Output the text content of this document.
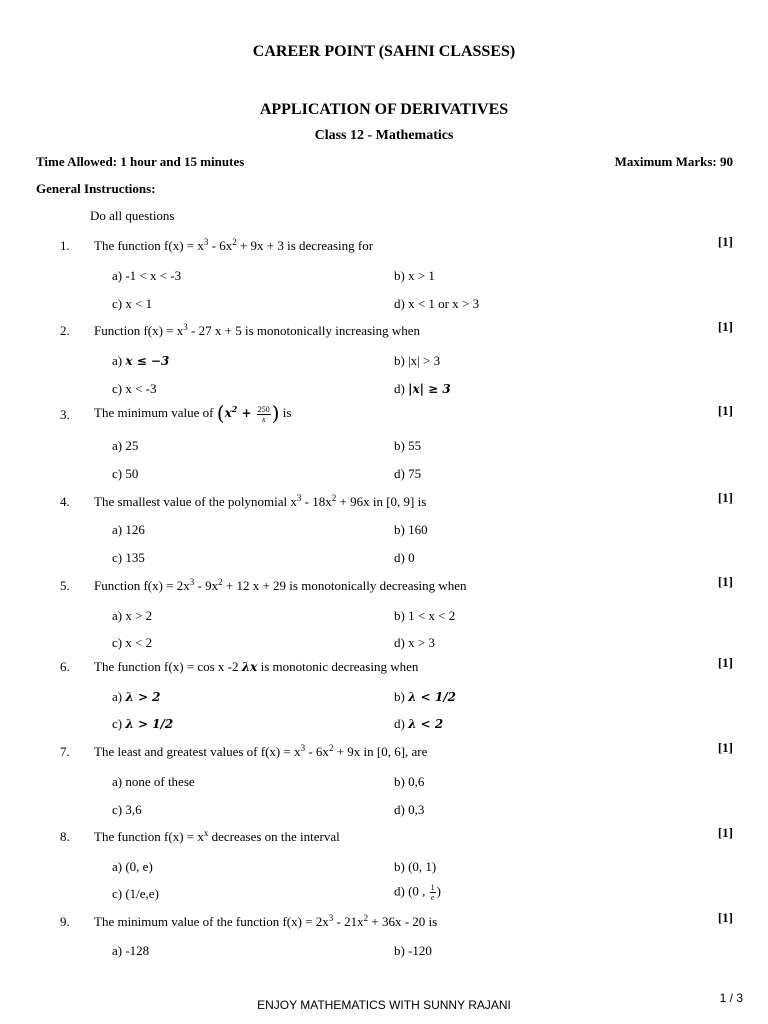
CAREER POINT (SAHNI CLASSES)
APPLICATION OF DERIVATIVES
Class 12 - Mathematics
Time Allowed: 1 hour and 15 minutes	Maximum Marks: 90
General Instructions:
Do all questions
1. The function $f(x) = x^3 - 6x^2 + 9x + 3$ is decreasing for	[1]
a) -1 < x < -3	b) x > 1
c) x < 1	d) x < 1 or x > 3
2. Function $f(x) = x^3 - 27$ x + 5 is monotonically increasing when	[1]
a) x ≤ −3	b) |x| > 3
c) x < -3	d) |x| ≥ 3
3. The minimum value of ($x^2 + \frac{250}{x}$ ) is	[1]
a) 25	b) 55
c) 50	d) 75
4. The smallest value of the polynomial $x^3 - 18x^2 + 96x$ in [0, 9] is	[1]
a) 126	b) 160
c) 135	d) 0
5. Function $f(x) = 2x^3 - 9x^2 + 12$ x + 29 is monotonically decreasing when	[1]
a) x > 2	b) 1 < x < 2
c) x < 2	d) x > 3
6. The function f(x) = cos x -2 λx is monotonic decreasing when	[1]
a) λ > 2	b) λ < 1/2
c) λ > 1/2	d) λ < 2
7. The least and greatest values of $f(x) = x^3 - 6x^2 + 9x$ in [0, 6], are	[1]
a) none of these	b) 0,6
c) 3,6	d) 0,3
8. The function $f(x) = x^x$ decreases on the interval	[1]
a) (0, e)	b) (0, 1)
c) (1/e,e)	d) (0 , $\frac{1}{e}$ )
9. The minimum value of the function $f(x) = 2x^3 - 21x^2 + 36x - 20$ is	[1]
a) -128	b) -120
ENJOY MATHEMATICS WITH SUNNY RAJANI	1 / 3
